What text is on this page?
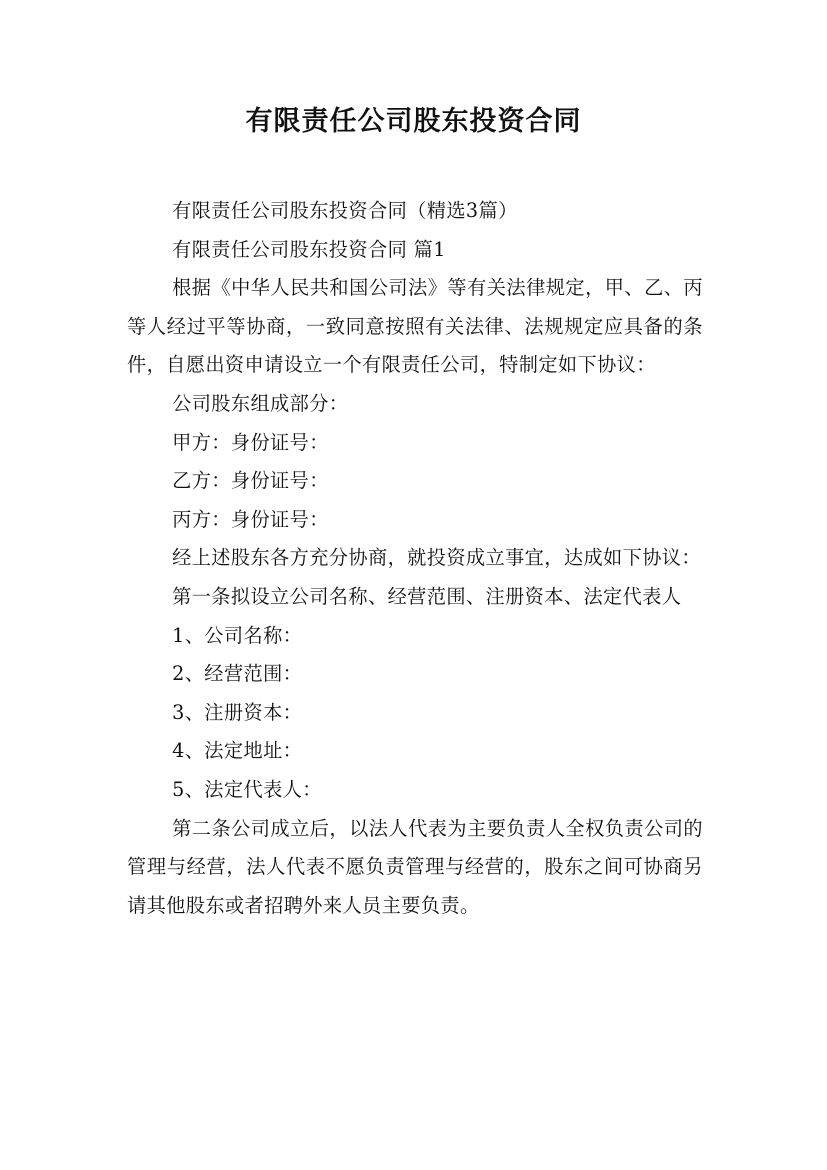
有限责任公司股东投资合同

有限责任公司股东投资合同（精选3篇）

有限责任公司股东投资合同 篇1

根据《中华人民共和国公司法》等有关法律规定，甲、乙、丙等人经过平等协商，一致同意按照有关法律、法规规定应具备的条件，自愿出资申请设立一个有限责任公司，特制定如下协议：

公司股东组成部分：

甲方：身份证号：

乙方：身份证号：

丙方：身份证号：

经上述股东各方充分协商，就投资成立事宜，达成如下协议：

第一条拟设立公司名称、经营范围、注册资本、法定代表人

1、公司名称：

2、经营范围：

3、注册资本：

4、法定地址：

5、法定代表人：

第二条公司成立后，以法人代表为主要负责人全权负责公司的管理与经营，法人代表不愿负责管理与经营的，股东之间可协商另请其他股东或者招聘外来人员主要负责。
